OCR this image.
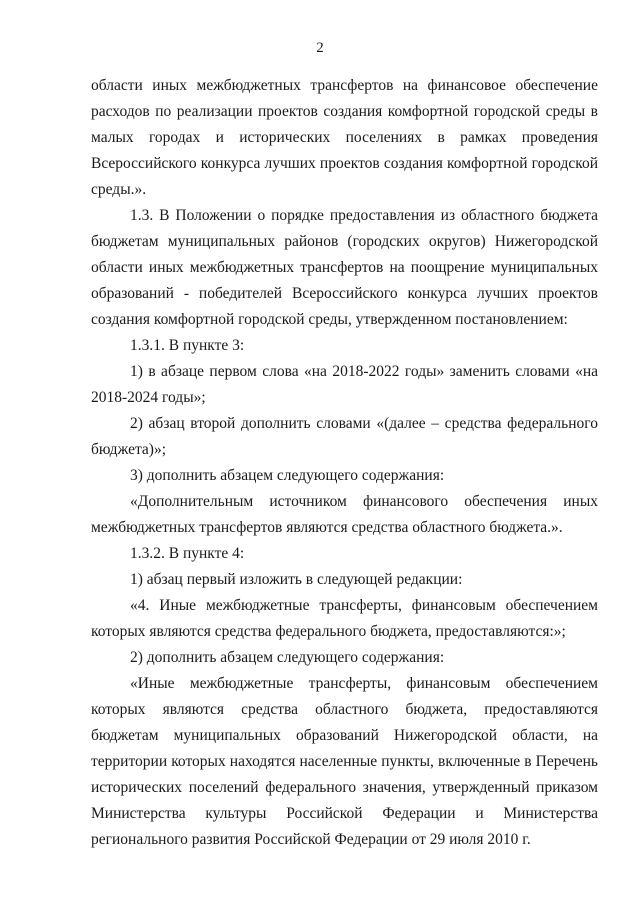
2

области иных межбюджетных трансфертов на финансовое обеспечение расходов по реализации проектов создания комфортной городской среды в малых городах и исторических поселениях в рамках проведения Всероссийского конкурса лучших проектов создания комфортной городской среды.».

1.3. В Положении о порядке предоставления из областного бюджета бюджетам муниципальных районов (городских округов) Нижегородской области иных межбюджетных трансфертов на поощрение муниципальных образований - победителей Всероссийского конкурса лучших проектов создания комфортной городской среды, утвержденном постановлением:

1.3.1. В пункте 3:

1) в абзаце первом слова «на 2018-2022 годы» заменить словами «на 2018-2024 годы»;

2) абзац второй дополнить словами «(далее – средства федерального бюджета)»;

3) дополнить абзацем следующего содержания:

«Дополнительным источником финансового обеспечения иных межбюджетных трансфертов являются средства областного бюджета.».

1.3.2. В пункте 4:

1) абзац первый изложить в следующей редакции:

«4. Иные межбюджетные трансферты, финансовым обеспечением которых являются средства федерального бюджета, предоставляются:»;

2) дополнить абзацем следующего содержания:

«Иные межбюджетные трансферты, финансовым обеспечением которых являются средства областного бюджета, предоставляются бюджетам муниципальных образований Нижегородской области, на территории которых находятся населенные пункты, включенные в Перечень исторических поселений федерального значения, утвержденный приказом Министерства культуры Российской Федерации и Министерства регионального развития Российской Федерации от 29 июля 2010 г.
